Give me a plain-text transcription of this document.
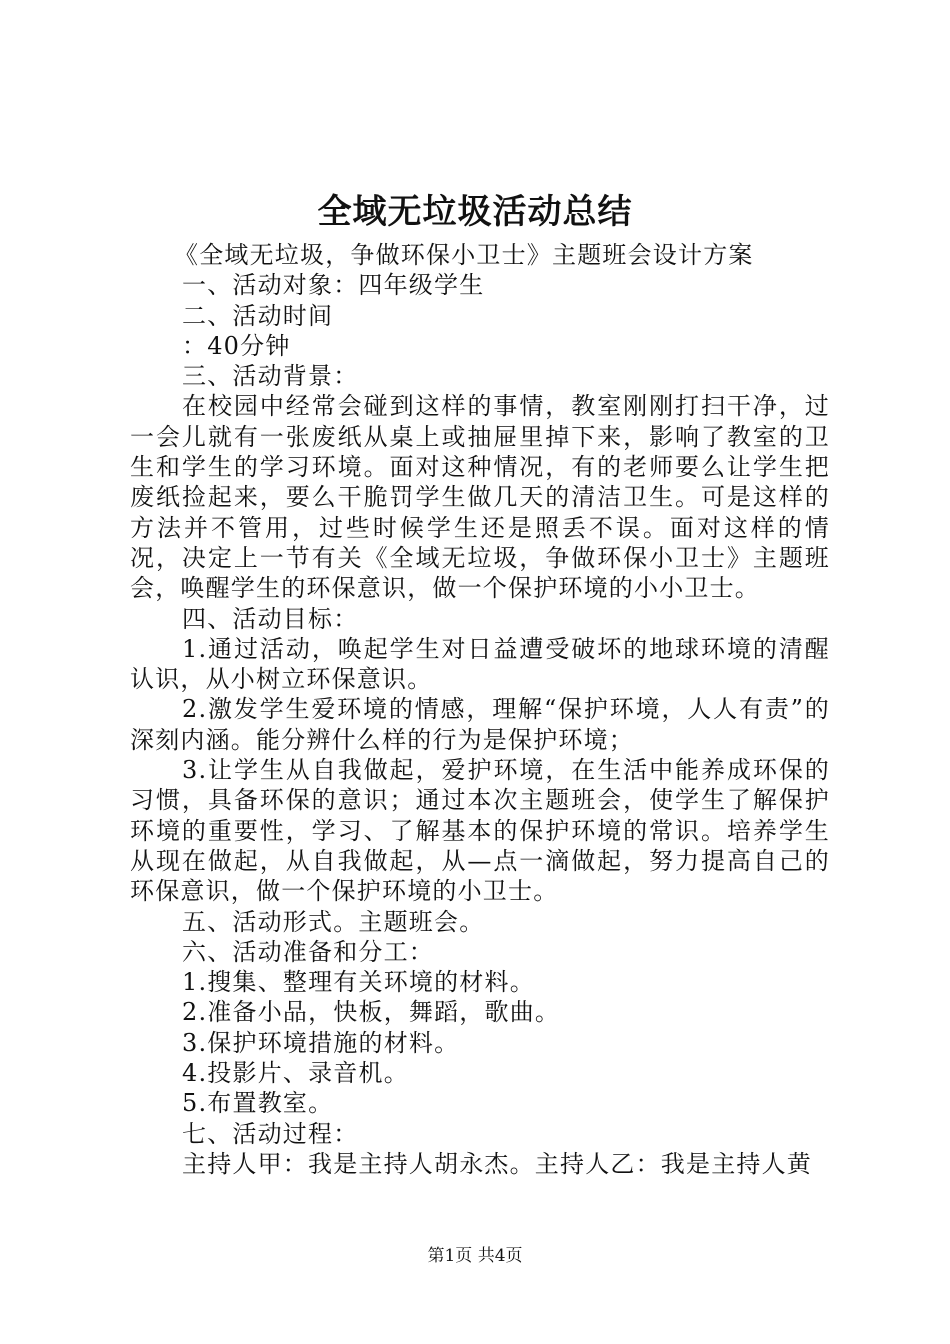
全域无垃圾活动总结

《全域无垃圾，争做环保小卫士》主题班会设计方案

一、活动对象：四年级学生

二、活动时间

：40分钟

三、活动背景：

在校园中经常会碰到这样的事情，教室刚刚打扫干净，过一会儿就有一张废纸从桌上或抽屉里掉下来，影响了教室的卫生和学生的学习环境。面对这种情况，有的老师要么让学生把废纸捡起来，要么干脆罚学生做几天的清洁卫生。可是这样的方法并不管用，过些时候学生还是照丢不误。面对这样的情况，决定上一节有关《全域无垃圾，争做环保小卫士》主题班会，唤醒学生的环保意识，做一个保护环境的小小卫士。

四、活动目标：

1.通过活动，唤起学生对日益遭受破坏的地球环境的清醒认识，从小树立环保意识。

2.激发学生爱环境的情感，理解“保护环境，人人有责”的深刻内涵。能分辨什么样的行为是保护环境；

3.让学生从自我做起，爱护环境，在生活中能养成环保的习惯，具备环保的意识；通过本次主题班会，使学生了解保护环境的重要性，学习、了解基本的保护环境的常识。培养学生从现在做起，从自我做起，从—点一滴做起，努力提高自己的环保意识，做一个保护环境的小卫士。

五、活动形式。主题班会。

六、活动准备和分工：

1.搜集、整理有关环境的材料。

2.准备小品，快板，舞蹈，歌曲。

3.保护环境措施的材料。

4.投影片、录音机。

5.布置教室。

七、活动过程：

主持人甲：我是主持人胡永杰。主持人乙：我是主持人黄

第1页 共4页
